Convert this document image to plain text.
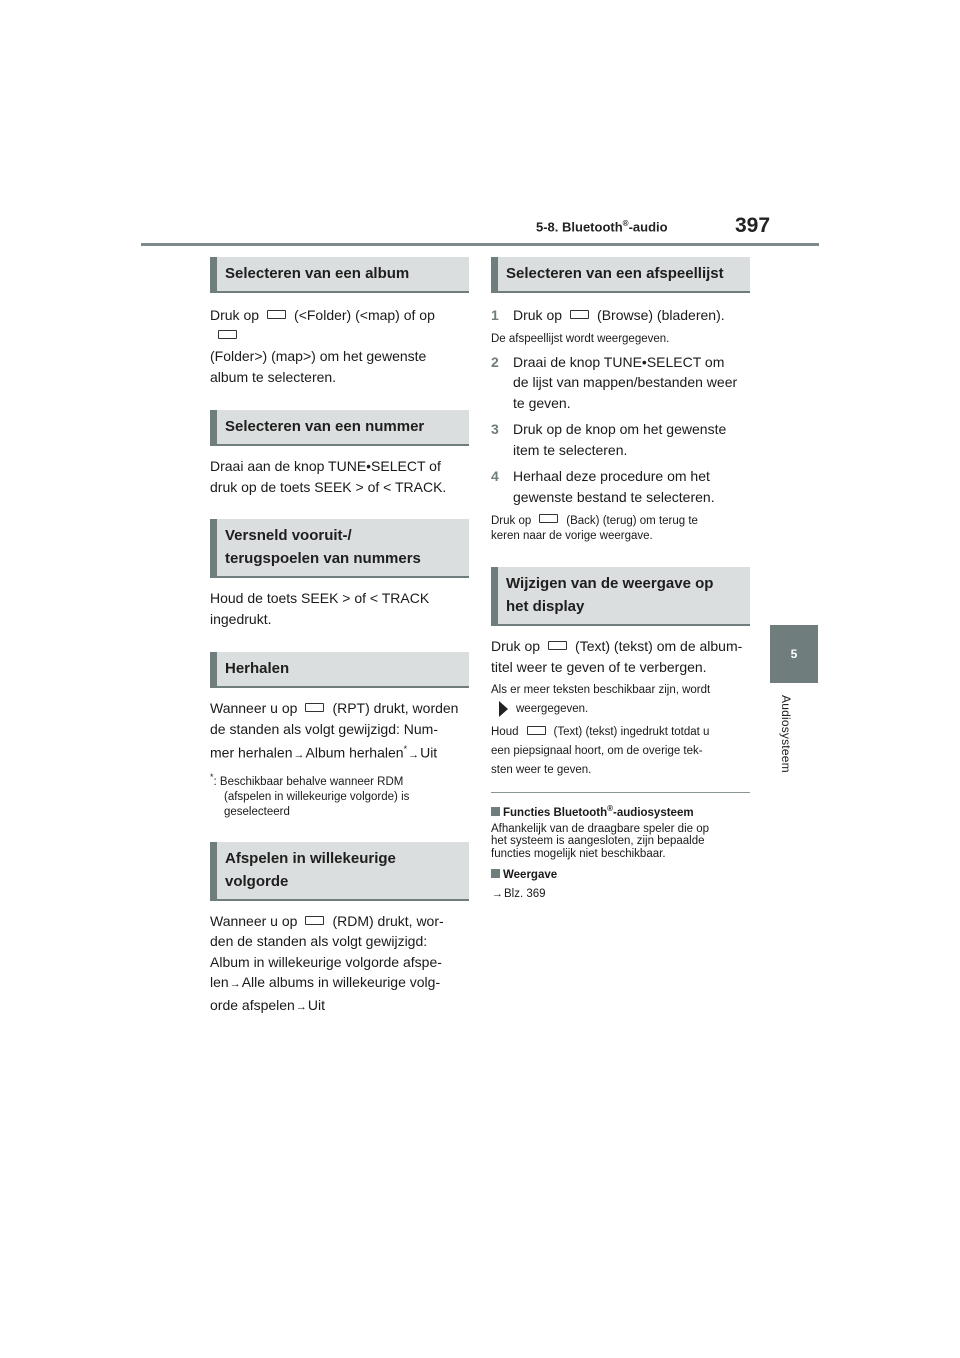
5-8. Bluetooth®-audio	397
5
Audiosysteem
Selecteren van een album

Druk op	(<Folder) (<map) of op

(Folder>) (map>) om het gewenste

album te selecteren.

Selecteren van een nummer

Draai aan de knop TUNE•SELECT of

druk op de toets SEEK > of < TRACK.

Versneld vooruit-/
terugspoelen van nummers

Houd de toets SEEK > of < TRACK

ingedrukt.

Herhalen

Wanneer u op	(RPT) drukt, worden

de standen als volgt gewijzigd: Num-

mer herhalen→Album herhalen*→Uit

*: Beschikbaar behalve wanneer RDM

(afspelen in willekeurige volgorde) is

geselecteerd

Afspelen in willekeurige
volgorde

Wanneer u op	(RDM) drukt, wor-

den de standen als volgt gewijzigd:

Album in willekeurige volgorde afspe-

len→Alle albums in willekeurige volg-

orde afspelen→Uit

Selecteren van een afspeellijst
1	Druk op	(Browse) (bladeren).

De afspeellijst wordt weergegeven.

2	Draai de knop TUNE•SELECT om
de lijst van mappen/bestanden weer
te geven.
3	Druk op de knop om het gewenste
item te selecteren.
4	Herhaal deze procedure om het
gewenste bestand te selecteren.

Druk op	(Back) (terug) om terug te

keren naar de vorige weergave.

Wijzigen van de weergave op
het display

Druk op	(Text) (tekst) om de album-

titel weer te geven of te verbergen.

Als er meer teksten beschikbaar zijn, wordt

weergegeven.

Houd	(Text) (tekst) ingedrukt totdat u

een piepsignaal hoort, om de overige tek-

sten weer te geven.

Functies Bluetooth®-audiosysteem

Afhankelijk van de draagbare speler die op

het systeem is aangesloten, zijn bepaalde

functies mogelijk niet beschikbaar.

Weergave

→Blz. 369
